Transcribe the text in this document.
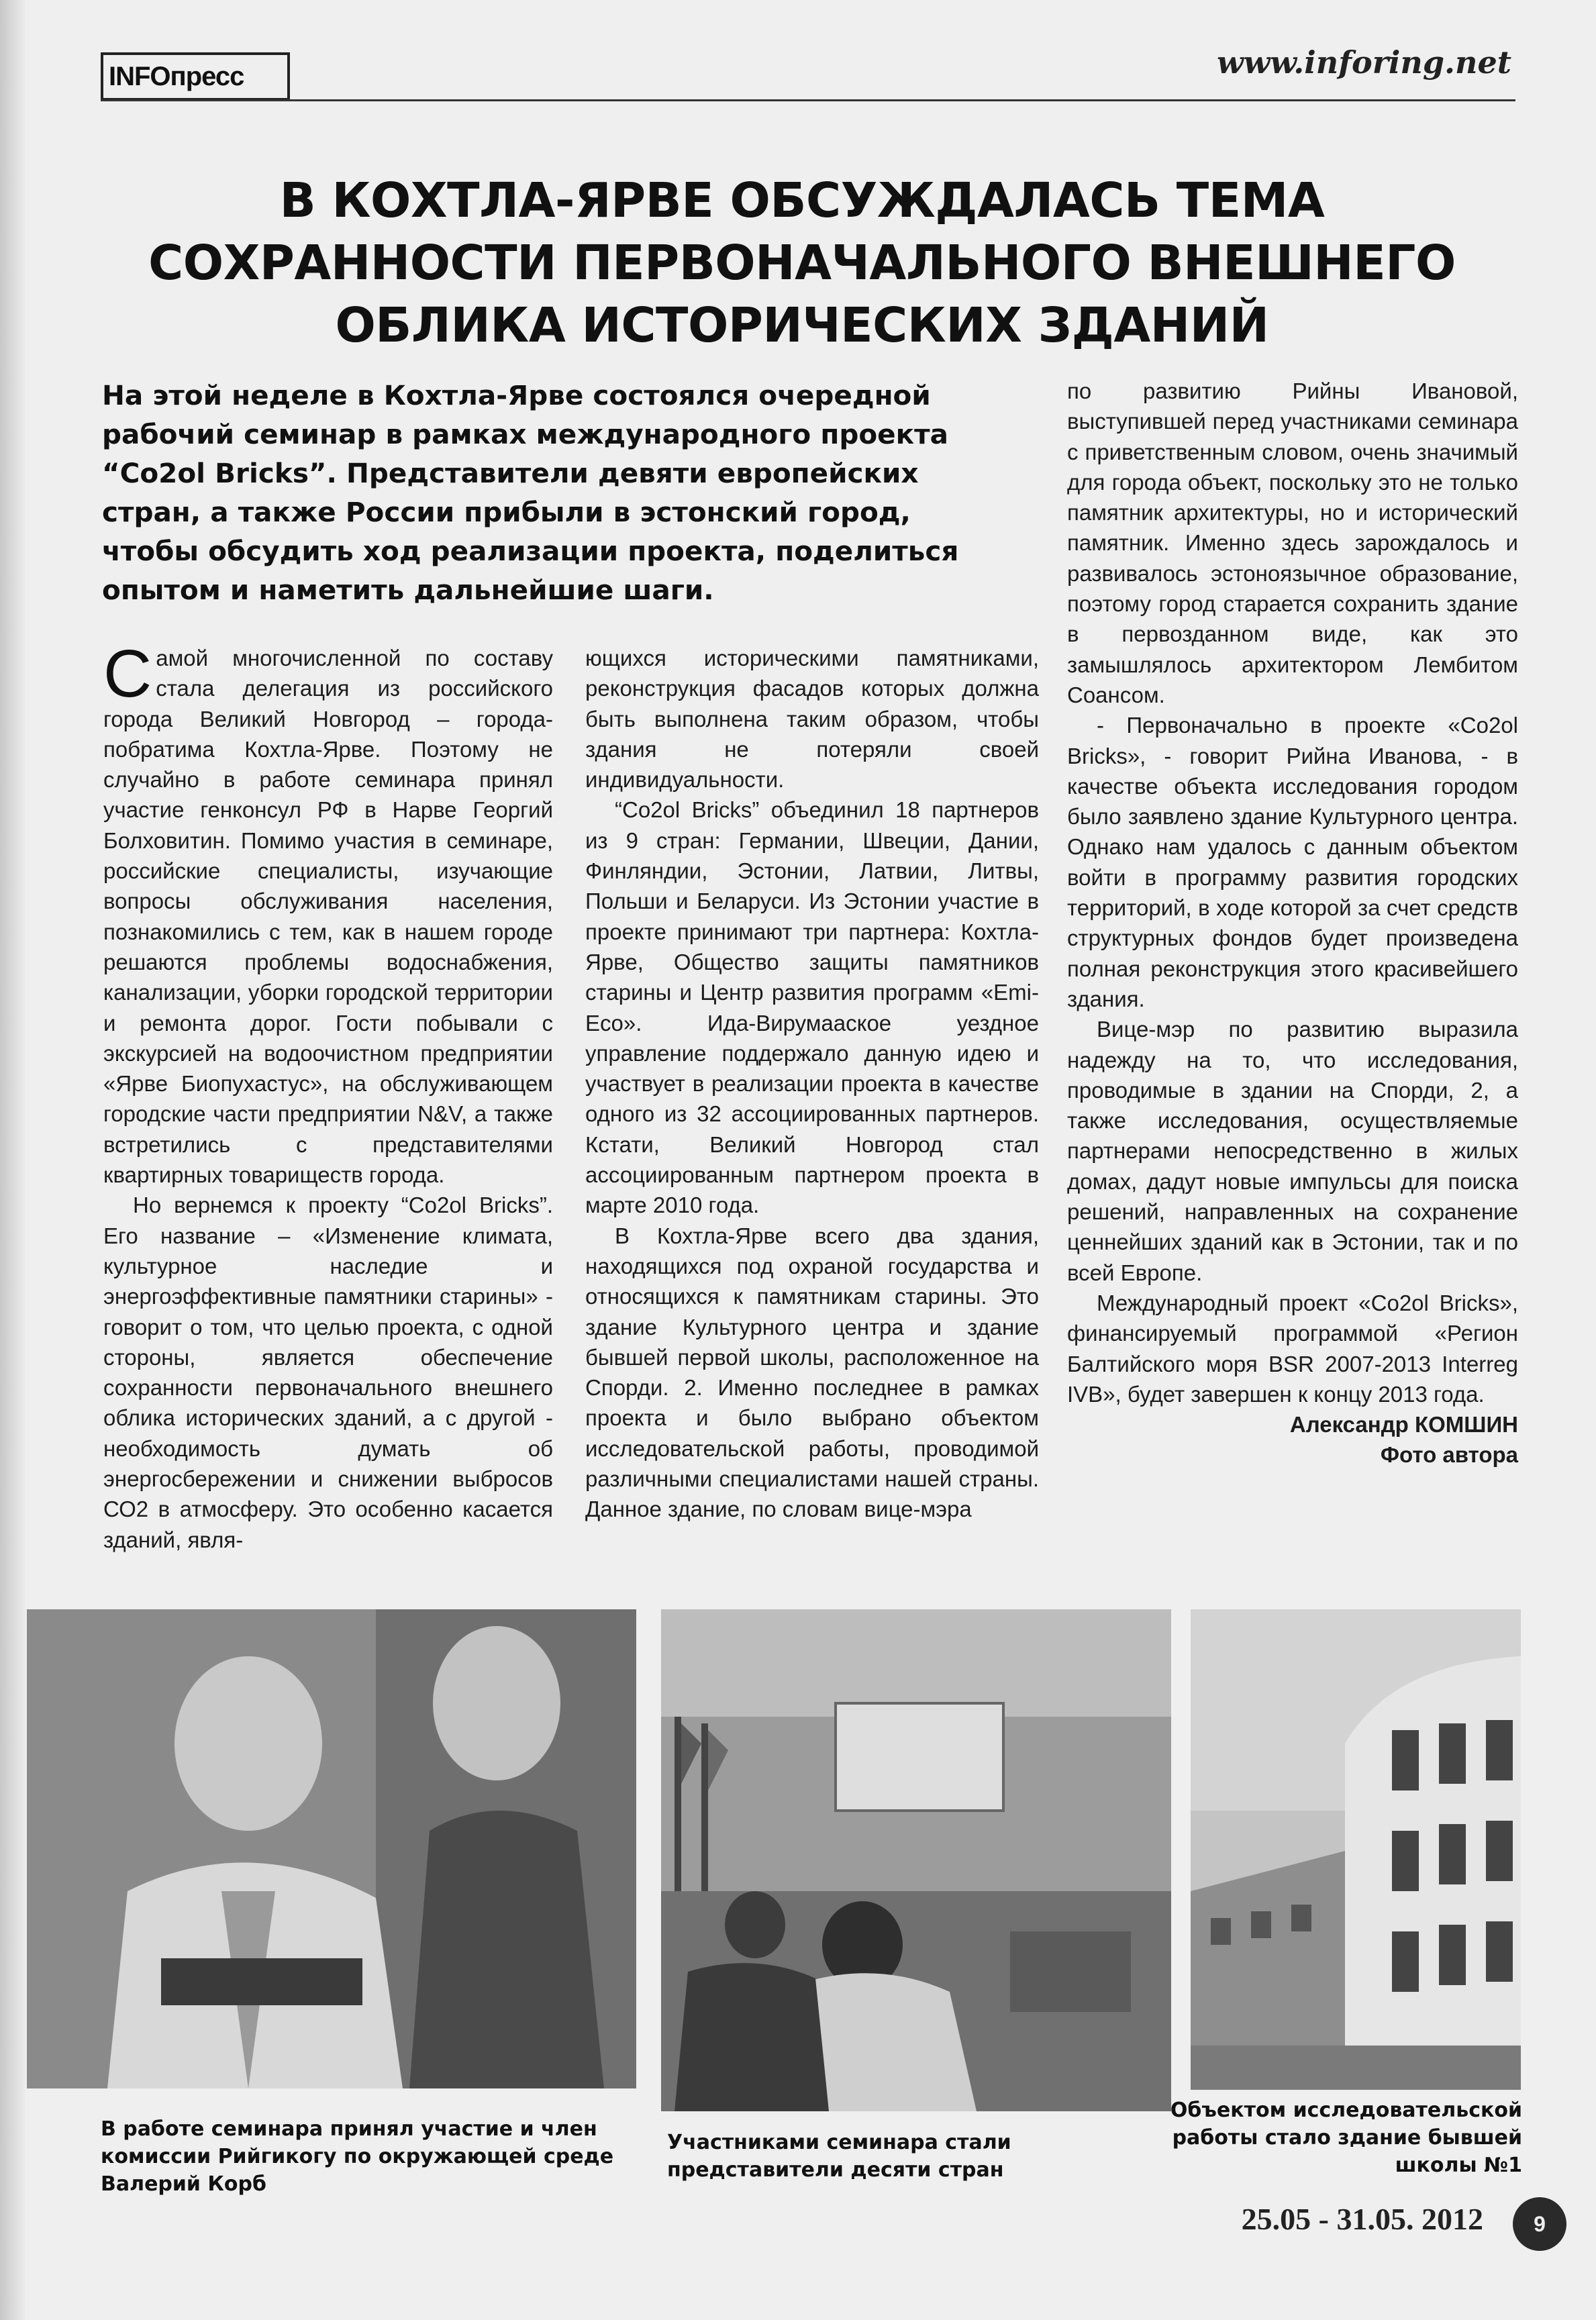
INFOпресс	www.inforing.net
В КОХТЛА-ЯРВЕ ОБСУЖДАЛАСЬ ТЕМА СОХРАННОСТИ ПЕРВОНАЧАЛЬНОГО ВНЕШНЕГО ОБЛИКА ИСТОРИЧЕСКИХ ЗДАНИЙ

На этой неделе в Кохтла-Ярве состоялся очередной рабочий семинар в рамках международного проекта “Co2ol Bricks”. Представители девяти европейских стран, а также России прибыли в эстонский город, чтобы обсудить ход реализации проекта, поделиться опытом и наметить дальнейшие шаги.

Самой многочисленной по составу стала делегация из российского города Великий Новгород – города-побратима Кохтла-Ярве. Поэтому не случайно в работе семинара принял участие генконсул РФ в Нарве Георгий Болховитин. Помимо участия в семинаре, российские специалисты, изучающие вопросы обслуживания населения, познакомились с тем, как в нашем городе решаются проблемы водоснабжения, канализации, уборки городской территории и ремонта дорог. Гости побывали с экскурсией на водоочистном предприятии «Ярве Биопухастус», на обслуживающем городские части предприятии N&V, а также встретились с представителями квартирных товариществ города.

Но вернемся к проекту “Co2ol Bricks”. Его название – «Изменение климата, культурное наследие и энергоэффективные памятники старины» - говорит о том, что целью проекта, с одной стороны, является обеспечение сохранности первоначального внешнего облика исторических зданий, а с другой - необходимость думать об энергосбережении и снижении выбросов СО2 в атмосферу. Это особенно касается зданий, явля-

ющихся историческими памятниками, реконструкция фасадов которых должна быть выполнена таким образом, чтобы здания не потеряли своей индивидуальности.

“Co2ol Bricks” объединил 18 партнеров из 9 стран: Германии, Швеции, Дании, Финляндии, Эстонии, Латвии, Литвы, Польши и Беларуси. Из Эстонии участие в проекте принимают три партнера: Кохтла-Ярве, Общество защиты памятников старины и Центр развития программ «Emi-Eco». Ида-Вирумаaское уездное управление поддержало данную идею и участвует в реализации проекта в качестве одного из 32 ассоциированных партнеров. Кстати, Великий Новгород стал ассоциированным партнером проекта в марте 2010 года.

В Кохтла-Ярве всего два здания, находящихся под охраной государства и относящихся к памятникам старины. Это здание Культурного центра и здание бывшей первой школы, расположенное на Спорди. 2. Именно последнее в рамках проекта и было выбрано объектом исследовательской работы, проводимой различными специалистами нашей страны. Данное здание, по словам вице-мэра

по развитию Рийны Ивановой, выступившей перед участниками семинара с приветственным словом, очень значимый для города объект, поскольку это не только памятник архитектуры, но и исторический памятник. Именно здесь зарождалось и развивалось эстоноязычное образование, поэтому город старается сохранить здание в первозданном виде, как это замышлялось архитектором Лембитом Соансом.

- Первоначально в проекте «Co2ol Bricks», - говорит Рийна Иванова, - в качестве объекта исследования городом было заявлено здание Культурного центра. Однако нам удалось с данным объектом войти в программу развития городских территорий, в ходе которой за счет средств структурных фондов будет произведена полная реконструкция этого красивейшего здания.

Вице-мэр по развитию выразила надежду на то, что исследования, проводимые в здании на Спорди, 2, а также исследования, осуществляемые партнерами непосредственно в жилых домах, дадут новые импульсы для поиска решений, направленных на сохранение ценнейших зданий как в Эстонии, так и по всей Европе.

Международный проект «Co2ol Bricks», финансируемый программой «Регион Балтийского моря BSR 2007-2013 Interreg IVB», будет завершен к концу 2013 года.

Александр КОМШИН

Фото автора

В работе семинара принял участие и член комиссии Рийгикогу по окружающей среде Валерий Корб

Участниками семинара стали представители десяти стран

Объектом исследовательской работы стало здание бывшей школы №1

25.05 - 31.05. 2012	9
